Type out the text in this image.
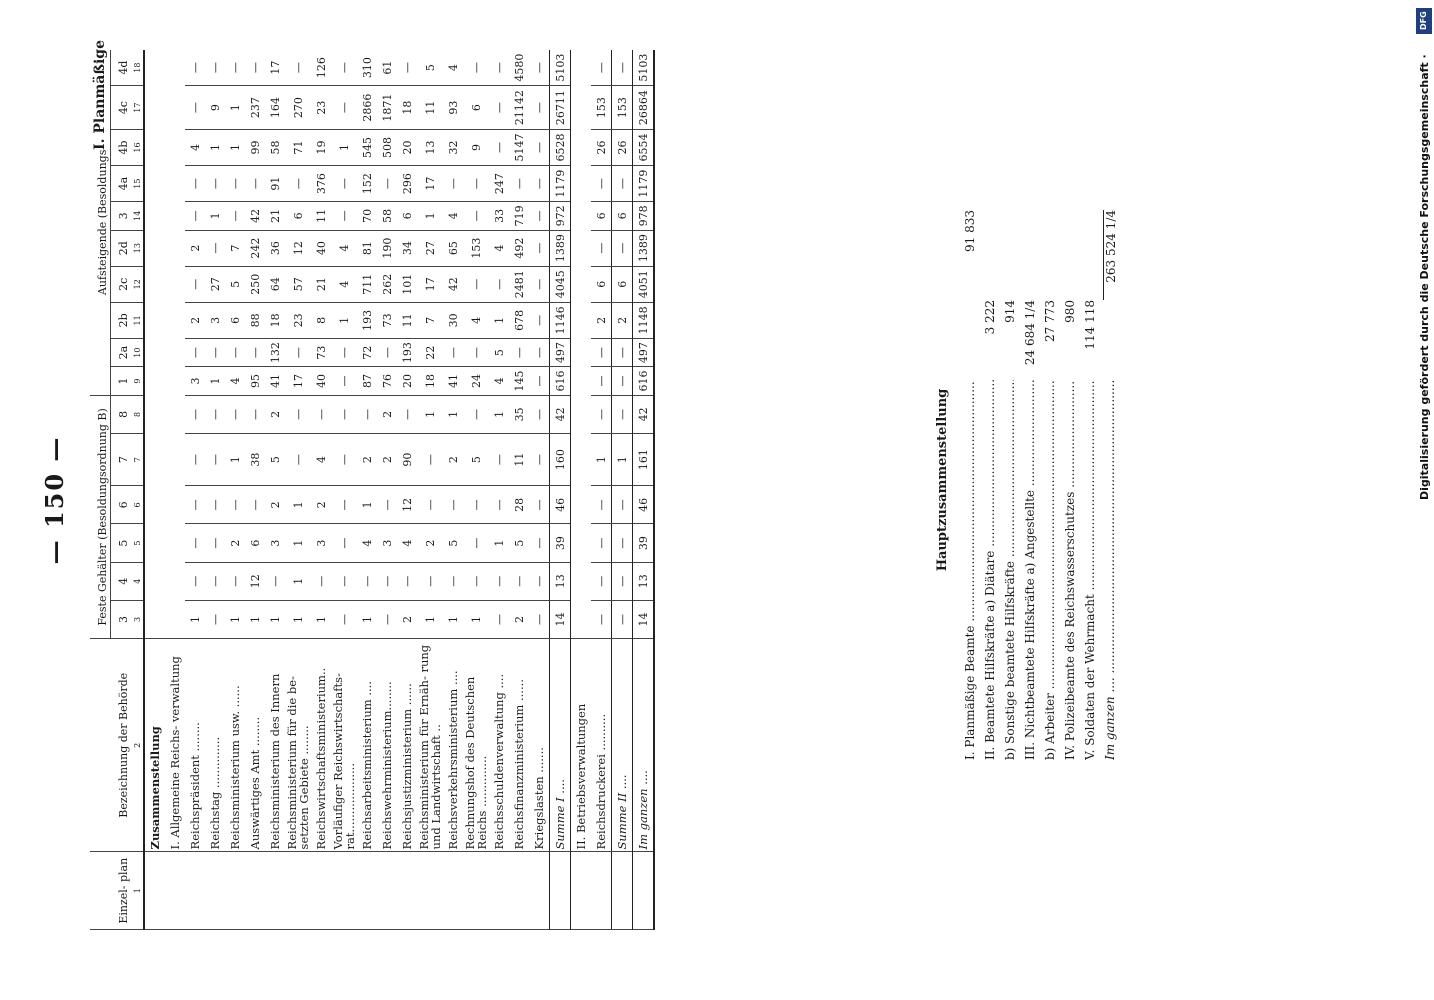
— 150 —
I. Planmäßige
Einzel- plan	Bezeichnung der Behörde	Feste Gehälter (Besoldungsordnung B)						Aufsteigende (Besoldungs									
		3	4	5	6	7	8	1	2a	2b	2c	2d	3	4a	4b	4c	4d
1	2	3	4	5	6	7	8	9	10	11	12	13	14	15	16	17	18
	Zusammenstellung																
	I. Allgemeine Reichs- verwaltung																
	Reichspräsident ........	1	—	—	—	—	—	3	—	2	—	2	—	—	4	—	—
	Reichstag ..............	—	—	—	—	—	—	1	—	3	27	—	1	—	1	9	—
	Reichsministerium usw. ......	1	—	2	—	1	—	4	—	6	5	7	—	—	1	1	—
	Auswärtiges Amt ........	1	12	6	—	38	—	95	—	88	250	242	42	—	99	237	—
	Reichsministerium des Innern	1	—	3	2	5	2	41	132	18	64	36	21	91	58	164	17
	Reichsministerium für die be- setzten Gebiete ........	1	1	1	1	—	—	17	—	23	57	12	6	—	71	270	—
	Reichswirtschaftsministerium..	1	—	3	2	4	—	40	73	8	21	40	11	376	19	23	126
	Vorläufiger Reichswirtschafts- rat...................	—	—	—	—	—	—	—	—	1	4	4	—	—	1	—	—
	Reichsarbeitsministerium ....	1	—	4	1	2	—	87	72	193	711	81	70	152	545	2866	310
	Reichswehrministerium........	—	—	3	—	2	2	76	—	73	262	190	58	—	508	1871	61
	Reichsjustizministerium ......	2	—	4	12	90	—	20	193	11	101	34	6	296	20	18	—
	Reichsministerium für Ernäh- rung und Landwirtschaft ..	1	—	2	—	—	1	18	22	7	17	27	1	17	13	11	5
	Reichsverkehrsministerium ....	1	—	5	—	2	1	41	—	30	42	65	4	—	32	93	4
	Rechnungshof des Deutschen Reichs ..............	1	—	—	—	5	—	24	—	4	—	153	—	—	9	6	—
	Reichsschuldenverwaltung ....	—	—	1	—	—	1	4	5	1	—	4	33	247	—	—	—
	Reichsfinanzministerium ......	2	—	5	28	11	35	145	—	678	2481	492	719	—	5147	21142	4580
	Kriegslasten .......	—	—	—	—	—	—	—	—	—	—	—	—	—	—	—	—
	Summe I ....	14	13	39	46	160	42	616	497	1146	4045	1389	972	1179	6528	26711	5103
	II. Betriebsverwaltungen																
	Reichsdruckerei ..........	—	—	—	—	1	—	—	—	2	6	—	6	—	26	153	—
	Summe II ....	—	—	—	—	1	—	—	—	2	6	—	6	—	26	153	—
	Im ganzen ....	14	13	39	46	161	42	616	497	1148	4051	1389	978	1179	6554	26864	5103
Hauptzusammenstellung
I. Planmäßige Beamte .....
91 833
II. Beamtete Hilfskräfte a) Diätare .....
3 222
b) Sonstige beamtete Hilfskräfte .....
914
III. Nichtbeamtete Hilfskräfte a) Angestellte .....
24 684 1/4
b) Arbeiter .....
27 773
IV. Polizeibeamte des Reichswasserschutzes .....
980
V. Soldaten der Wehrmacht .....
114 118
Im ganzen .... .....
263 524 1/4
DFG
Digitalisierung gefördert durch die Deutsche Forschungsgemeinschaft ·
